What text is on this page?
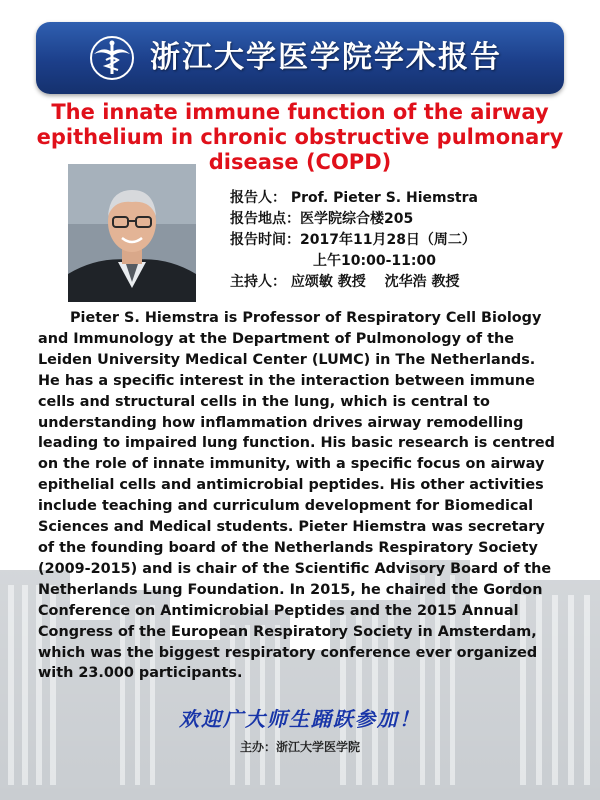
浙江大学医学院学术报告
The innate immune function of the airway epithelium in chronic obstructive pulmonary disease (COPD)
报告人： Prof. Pieter S. Hiemstra
报告地点：医学院综合楼205
报告时间：2017年11月28日（周二）
上午10:00-11:00
主持人： 应颂敏 教授　 沈华浩 教授
Pieter S. Hiemstra is Professor of Respiratory Cell Biology and Immunology at the Department of Pulmonology of the Leiden University Medical Center (LUMC) in The Netherlands. He has a specific interest in the interaction between immune cells and structural cells in the lung, which is central to understanding how inflammation drives airway remodelling leading to impaired lung function. His basic research is centred on the role of innate immunity, with a specific focus on airway epithelial cells and antimicrobial peptides. His other activities include teaching and curriculum development for Biomedical Sciences and Medical students. Pieter Hiemstra was secretary of the founding board of the Netherlands Respiratory Society (2009-2015) and is chair of the Scientific Advisory Board of the Netherlands Lung Foundation. In 2015, he chaired the Gordon Conference on Antimicrobial Peptides and the 2015 Annual Congress of the European Respiratory Society in Amsterdam, which was the biggest respiratory conference ever organized with 23.000 participants.
欢迎广大师生踊跃参加！
主办：浙江大学医学院
